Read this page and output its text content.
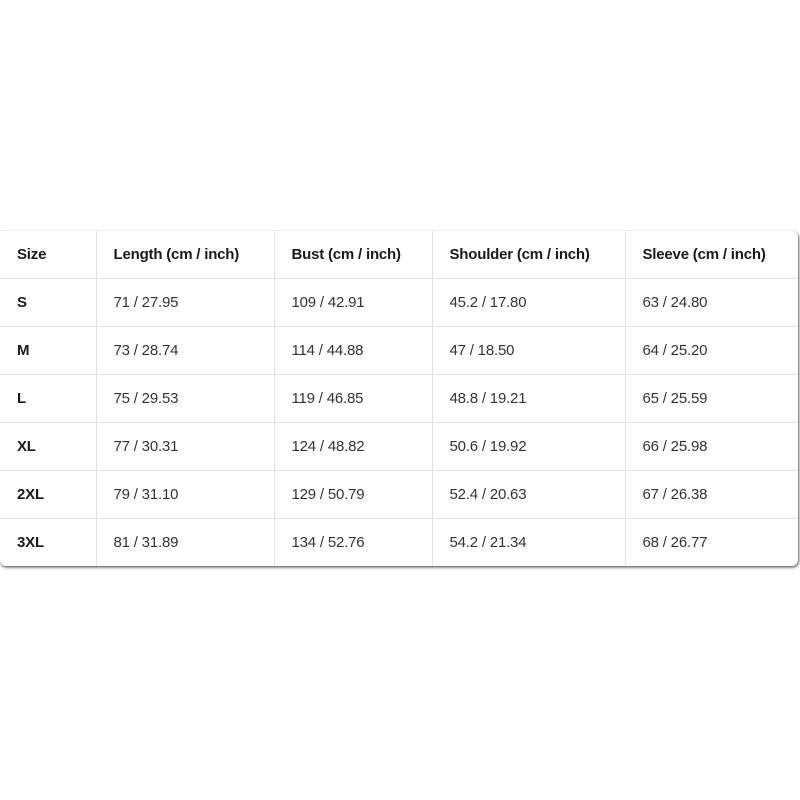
Size	Length (cm / inch)	Bust (cm / inch)	Shoulder (cm / inch)	Sleeve (cm / inch)
S	71 / 27.95	109 / 42.91	45.2 / 17.80	63 / 24.80
M	73 / 28.74	114 / 44.88	47 / 18.50	64 / 25.20
L	75 / 29.53	119 / 46.85	48.8 / 19.21	65 / 25.59
XL	77 / 30.31	124 / 48.82	50.6 / 19.92	66 / 25.98
2XL	79 / 31.10	129 / 50.79	52.4 / 20.63	67 / 26.38
3XL	81 / 31.89	134 / 52.76	54.2 / 21.34	68 / 26.77
